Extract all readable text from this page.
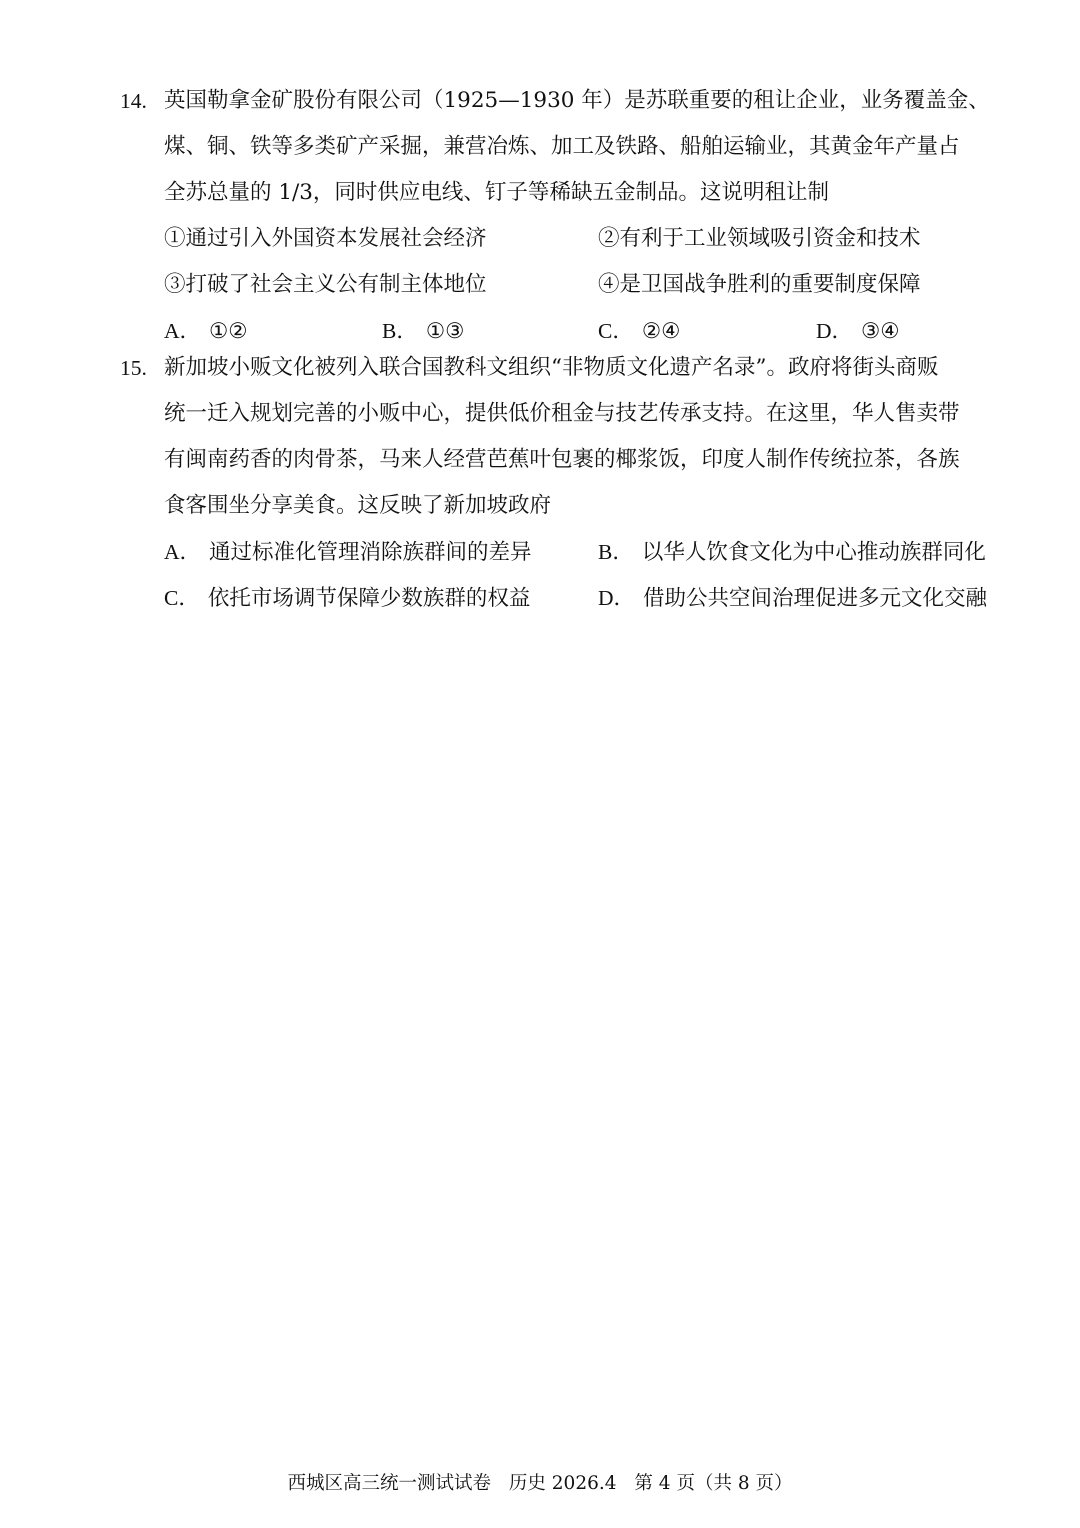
14. 英国勒拿金矿股份有限公司（1925—1930 年）是苏联重要的租让企业，业务覆盖金、
煤、铜、铁等多类矿产采掘，兼营冶炼、加工及铁路、船舶运输业，其黄金年产量占
全苏总量的 1/3，同时供应电线、钉子等稀缺五金制品。这说明租让制
①通过引入外国资本发展社会经济	②有利于工业领域吸引资金和技术
③打破了社会主义公有制主体地位	④是卫国战争胜利的重要制度保障
A． ①②	B． ①③	C． ②④	D． ③④
15. 新加坡小贩文化被列入联合国教科文组织“非物质文化遗产名录”。政府将街头商贩
统一迁入规划完善的小贩中心，提供低价租金与技艺传承支持。在这里，华人售卖带
有闽南药香的肉骨茶，马来人经营芭蕉叶包裹的椰浆饭，印度人制作传统拉茶，各族
食客围坐分享美食。这反映了新加坡政府
A． 通过标准化管理消除族群间的差异	B． 以华人饮食文化为中心推动族群同化
C． 依托市场调节保障少数族群的权益	D． 借助公共空间治理促进多元文化交融
西城区高三统一测试试卷 历史 2026.4 第 4 页（共 8 页）
